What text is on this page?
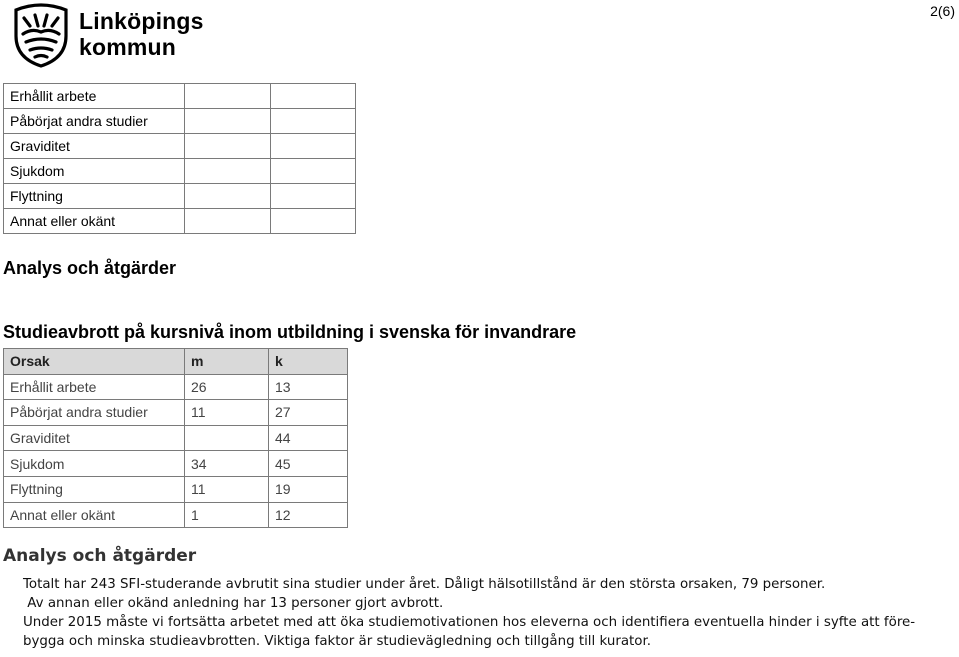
Linköpings
kommun
2(6)
Erhållit arbete		
Påbörjat andra studier		
Graviditet		
Sjukdom		
Flyttning		
Annat eller okänt		
Analys och åtgärder
Studieavbrott på kursnivå inom utbildning i svenska för invandrare
Orsak	m	k
Erhållit arbete	26	13
Påbörjat andra studier	11	27
Graviditet		44
Sjukdom	34	45
Flyttning	11	19
Annat eller okänt	1	12
Analys och åtgärder
Totalt har 243 SFI-studerande avbrutit sina studier under året. Dåligt hälsotillstånd är den största orsaken, 79 personer.
Av annan eller okänd anledning har 13 personer gjort avbrott.
Under 2015 måste vi fortsätta arbetet med att öka studiemotivationen hos eleverna och identifiera eventuella hinder i syfte att före-
bygga och minska studieavbrotten. Viktiga faktor är studievägledning och tillgång till kurator.
